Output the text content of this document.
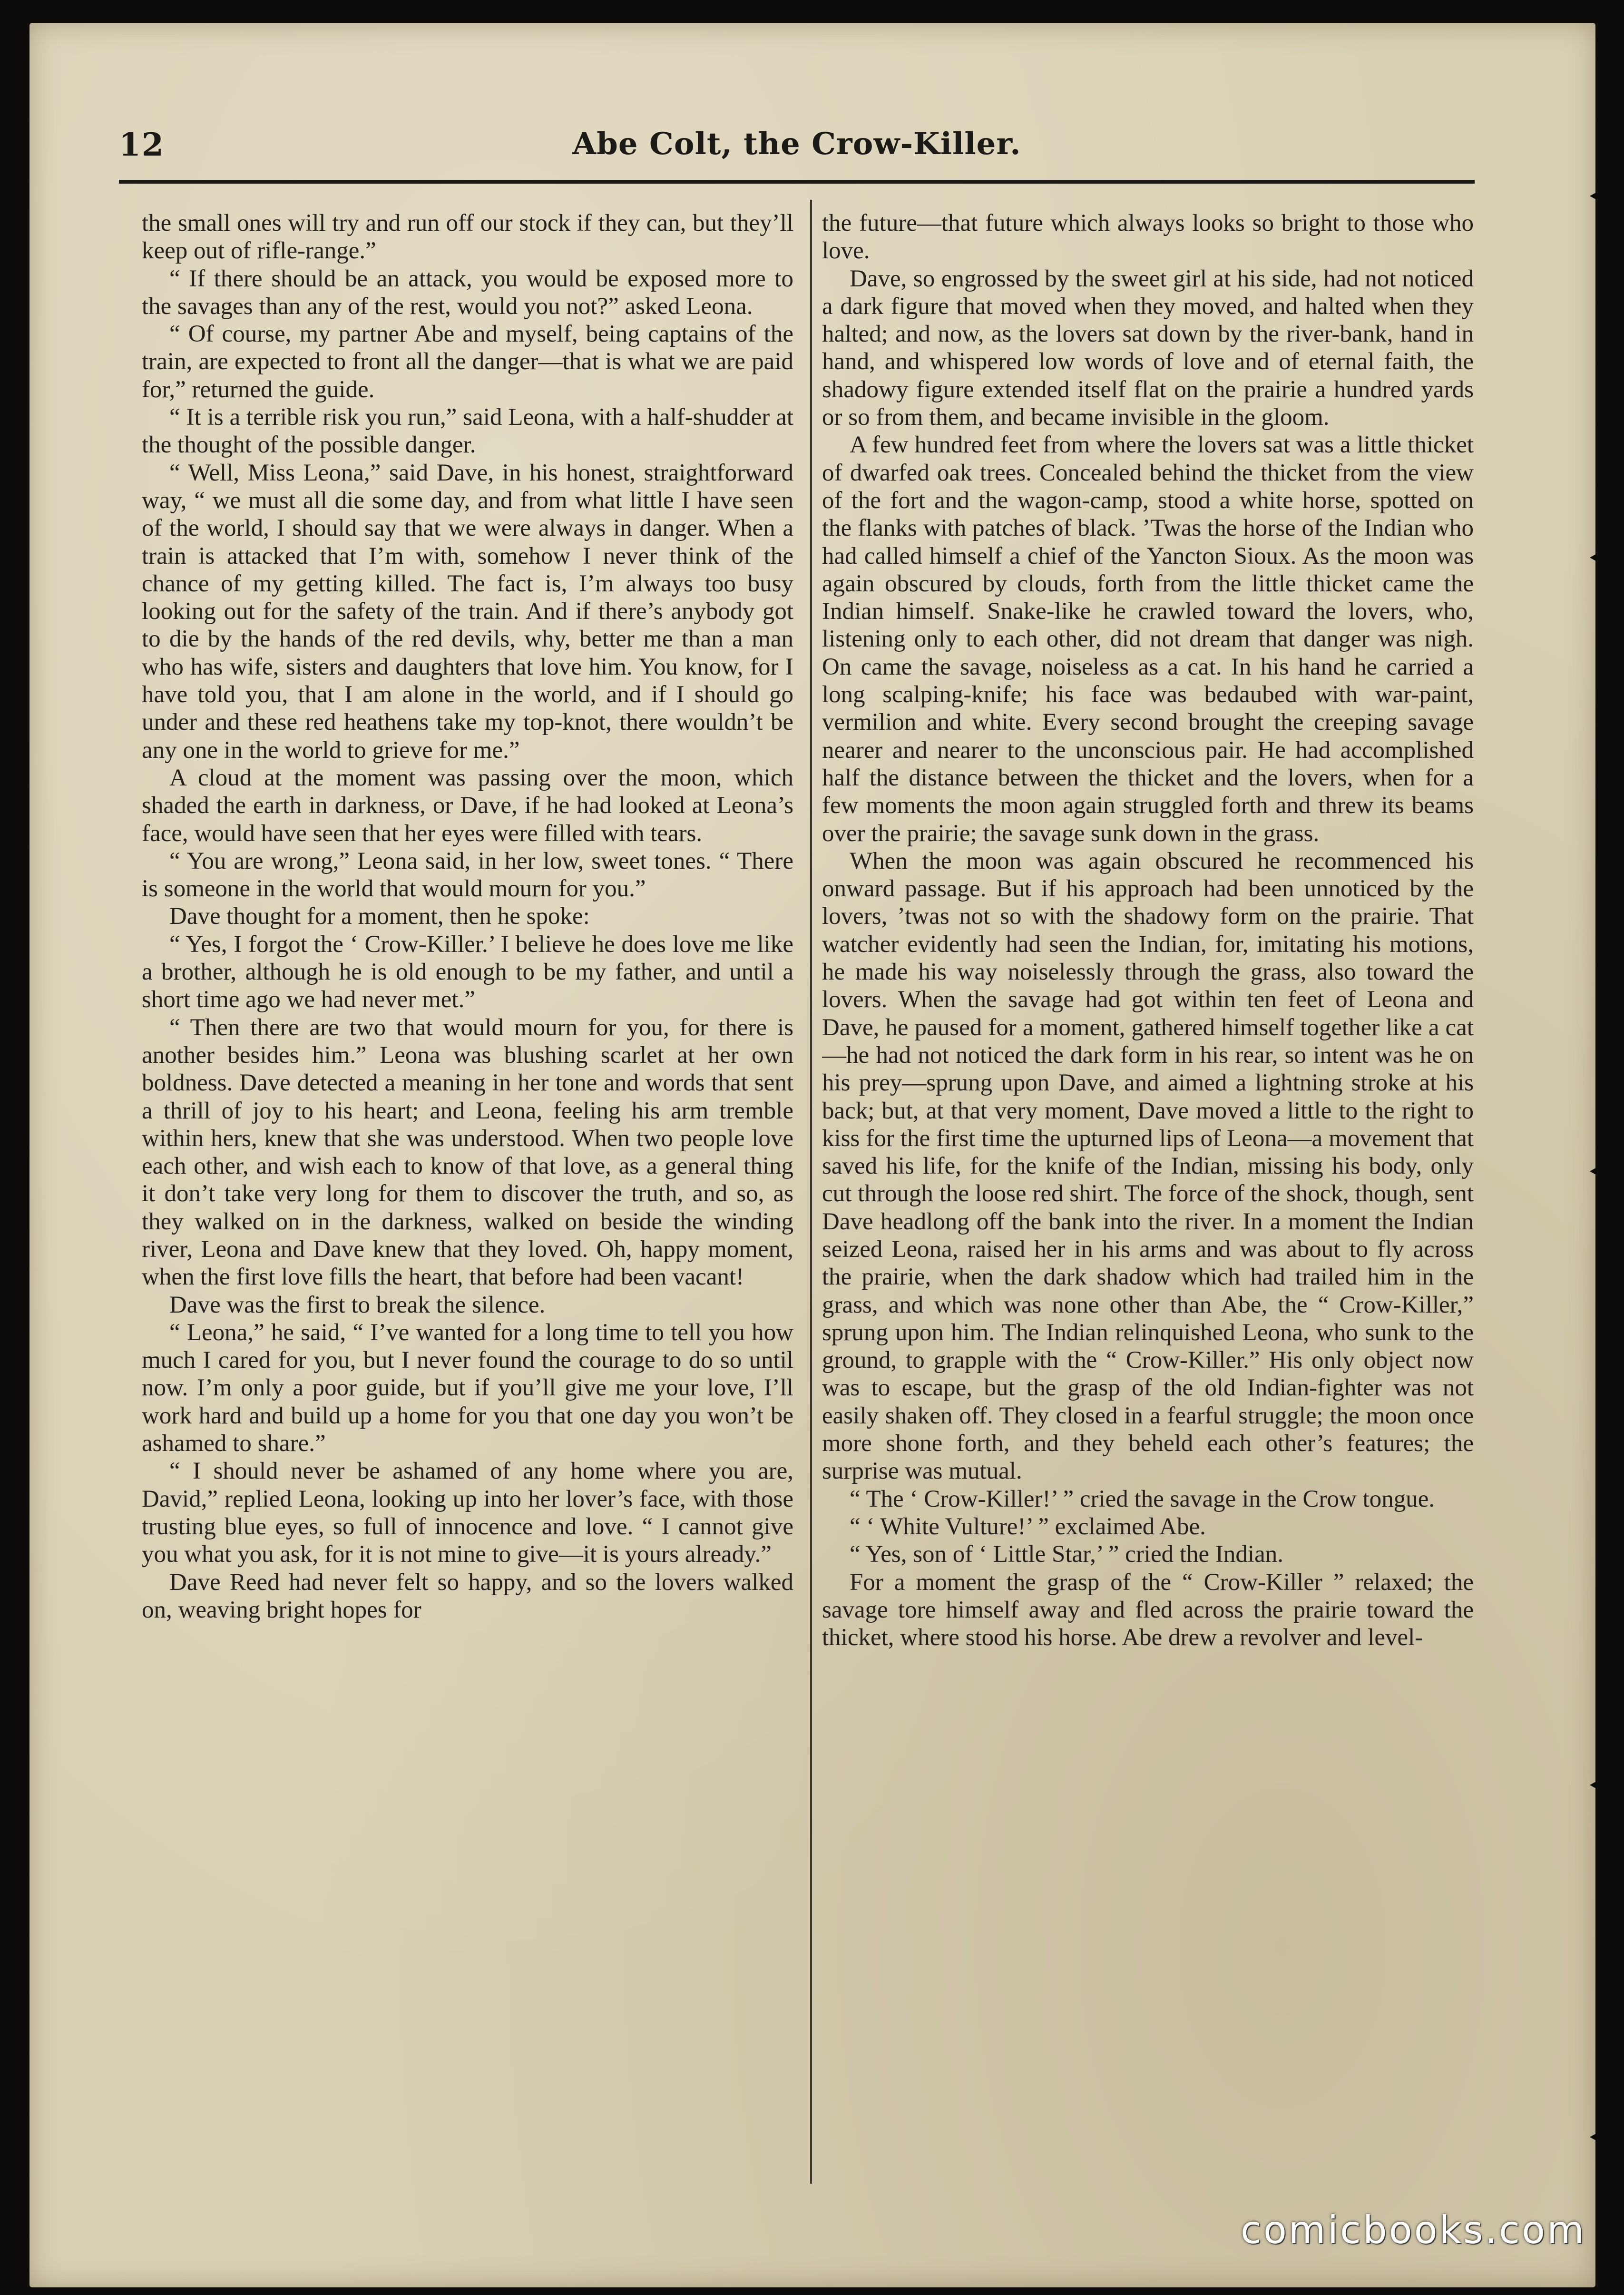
12	Abe Colt, the Crow-Killer.

the small ones will try and run off our stock if they can, but they’ll keep out of rifle-range.”

“ If there should be an attack, you would be exposed more to the savages than any of the rest, would you not?” asked Leona.

“ Of course, my partner Abe and myself, being captains of the train, are expected to front all the danger—that is what we are paid for,” returned the guide.

“ It is a terrible risk you run,” said Leona, with a half-shudder at the thought of the possible danger.

“ Well, Miss Leona,” said Dave, in his honest, straightforward way, “ we must all die some day, and from what little I have seen of the world, I should say that we were always in danger. When a train is attacked that I’m with, somehow I never think of the chance of my getting killed. The fact is, I’m always too busy looking out for the safety of the train. And if there’s anybody got to die by the hands of the red devils, why, better me than a man who has wife, sisters and daughters that love him. You know, for I have told you, that I am alone in the world, and if I should go under and these red heathens take my top-knot, there wouldn’t be any one in the world to grieve for me.”

A cloud at the moment was passing over the moon, which shaded the earth in darkness, or Dave, if he had looked at Leona’s face, would have seen that her eyes were filled with tears.

“ You are wrong,” Leona said, in her low, sweet tones. “ There is someone in the world that would mourn for you.”

Dave thought for a moment, then he spoke:

“ Yes, I forgot the ‘ Crow-Killer.’ I believe he does love me like a brother, although he is old enough to be my father, and until a short time ago we had never met.”

“ Then there are two that would mourn for you, for there is another besides him.” Leona was blushing scarlet at her own boldness. Dave detected a meaning in her tone and words that sent a thrill of joy to his heart; and Leona, feeling his arm tremble within hers, knew that she was understood. When two people love each other, and wish each to know of that love, as a general thing it don’t take very long for them to discover the truth, and so, as they walked on in the darkness, walked on beside the winding river, Leona and Dave knew that they loved. Oh, happy moment, when the first love fills the heart, that before had been vacant!

Dave was the first to break the silence.

“ Leona,” he said, “ I’ve wanted for a long time to tell you how much I cared for you, but I never found the courage to do so until now. I’m only a poor guide, but if you’ll give me your love, I’ll work hard and build up a home for you that one day you won’t be ashamed to share.”

“ I should never be ashamed of any home where you are, David,” replied Leona, looking up into her lover’s face, with those trusting blue eyes, so full of innocence and love. “ I cannot give you what you ask, for it is not mine to give—it is yours already.”

Dave Reed had never felt so happy, and so the lovers walked on, weaving bright hopes for

the future—that future which always looks so bright to those who love.

Dave, so engrossed by the sweet girl at his side, had not noticed a dark figure that moved when they moved, and halted when they halted; and now, as the lovers sat down by the river-bank, hand in hand, and whispered low words of love and of eternal faith, the shadowy figure extended itself flat on the prairie a hundred yards or so from them, and became invisible in the gloom.

A few hundred feet from where the lovers sat was a little thicket of dwarfed oak trees. Concealed behind the thicket from the view of the fort and the wagon-camp, stood a white horse, spotted on the flanks with patches of black. ’Twas the horse of the Indian who had called himself a chief of the Yancton Sioux. As the moon was again obscured by clouds, forth from the little thicket came the Indian himself. Snake-like he crawled toward the lovers, who, listening only to each other, did not dream that danger was nigh. On came the savage, noiseless as a cat. In his hand he carried a long scalping-knife; his face was bedaubed with war-paint, vermilion and white. Every second brought the creeping savage nearer and nearer to the unconscious pair. He had accomplished half the distance between the thicket and the lovers, when for a few moments the moon again struggled forth and threw its beams over the prairie; the savage sunk down in the grass.

When the moon was again obscured he recommenced his onward passage. But if his approach had been unnoticed by the lovers, ’twas not so with the shadowy form on the prairie. That watcher evidently had seen the Indian, for, imitating his motions, he made his way noiselessly through the grass, also toward the lovers. When the savage had got within ten feet of Leona and Dave, he paused for a moment, gathered himself together like a cat—he had not noticed the dark form in his rear, so intent was he on his prey—sprung upon Dave, and aimed a lightning stroke at his back; but, at that very moment, Dave moved a little to the right to kiss for the first time the upturned lips of Leona—a movement that saved his life, for the knife of the Indian, missing his body, only cut through the loose red shirt. The force of the shock, though, sent Dave headlong off the bank into the river. In a moment the Indian seized Leona, raised her in his arms and was about to fly across the prairie, when the dark shadow which had trailed him in the grass, and which was none other than Abe, the “ Crow-Killer,” sprung upon him. The Indian relinquished Leona, who sunk to the ground, to grapple with the “ Crow-Killer.” His only object now was to escape, but the grasp of the old Indian-fighter was not easily shaken off. They closed in a fearful struggle; the moon once more shone forth, and they beheld each other’s features; the surprise was mutual.

“ The ‘ Crow-Killer!’ ” cried the savage in the Crow tongue.

“ ‘ White Vulture!’ ” exclaimed Abe.

“ Yes, son of ‘ Little Star,’ ” cried the Indian.

For a moment the grasp of the “ Crow-Killer ” relaxed; the savage tore himself away and fled across the prairie toward the thicket, where stood his horse. Abe drew a revolver and level-

comicbooks.com
